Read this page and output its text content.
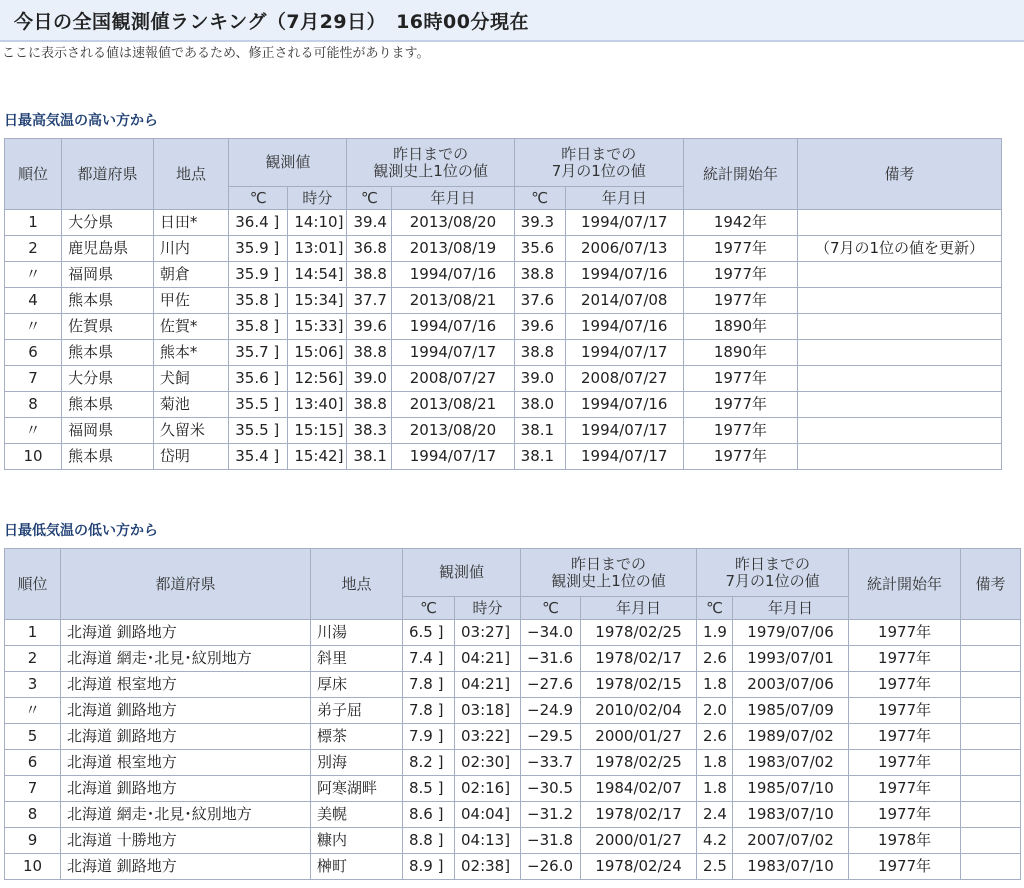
今日の全国観測値ランキング（7月29日）　16時00分現在
ここに表示される値は速報値であるため、修正される可能性があります。
日最高気温の高い方から
順位	都道府県	地点	観測値		昨日までの
観測史上1位の値		昨日までの
7月の1位の値		統計開始年	備考
			℃	時分	℃	年月日	℃	年月日		
1	大分県	日田*	36.4 ]	14:10]	39.4	2013/08/20	39.3	1994/07/17	1942年	
2	鹿児島県	川内	35.9 ]	13:01]	36.8	2013/08/19	35.6	2006/07/13	1977年	（7月の1位の値を更新）
〃	福岡県	朝倉	35.9 ]	14:54]	38.8	1994/07/16	38.8	1994/07/16	1977年	
4	熊本県	甲佐	35.8 ]	15:34]	37.7	2013/08/21	37.6	2014/07/08	1977年	
〃	佐賀県	佐賀*	35.8 ]	15:33]	39.6	1994/07/16	39.6	1994/07/16	1890年	
6	熊本県	熊本*	35.7 ]	15:06]	38.8	1994/07/17	38.8	1994/07/17	1890年	
7	大分県	犬飼	35.6 ]	12:56]	39.0	2008/07/27	39.0	2008/07/27	1977年	
8	熊本県	菊池	35.5 ]	13:40]	38.8	2013/08/21	38.0	1994/07/16	1977年	
〃	福岡県	久留米	35.5 ]	15:15]	38.3	2013/08/20	38.1	1994/07/17	1977年	
10	熊本県	岱明	35.4 ]	15:42]	38.1	1994/07/17	38.1	1994/07/17	1977年	
日最低気温の低い方から
順位	都道府県	地点	観測値		昨日までの
観測史上1位の値		昨日までの
7月の1位の値		統計開始年	備考
			℃	時分	℃	年月日	℃	年月日		
1	北海道 釧路地方	川湯	6.5 ]	03:27]	−34.0	1978/02/25	1.9	1979/07/06	1977年	
2	北海道 網走･北見･紋別地方	斜里	7.4 ]	04:21]	−31.6	1978/02/17	2.6	1993/07/01	1977年	
3	北海道 根室地方	厚床	7.8 ]	04:21]	−27.6	1978/02/15	1.8	2003/07/06	1977年	
〃	北海道 釧路地方	弟子屈	7.8 ]	03:18]	−24.9	2010/02/04	2.0	1985/07/09	1977年	
5	北海道 釧路地方	標茶	7.9 ]	03:22]	−29.5	2000/01/27	2.6	1989/07/02	1977年	
6	北海道 根室地方	別海	8.2 ]	02:30]	−33.7	1978/02/25	1.8	1983/07/02	1977年	
7	北海道 釧路地方	阿寒湖畔	8.5 ]	02:16]	−30.5	1984/02/07	1.8	1985/07/10	1977年	
8	北海道 網走･北見･紋別地方	美幌	8.6 ]	04:04]	−31.2	1978/02/17	2.4	1983/07/10	1977年	
9	北海道 十勝地方	糠内	8.8 ]	04:13]	−31.8	2000/01/27	4.2	2007/07/02	1978年	
10	北海道 釧路地方	榊町	8.9 ]	02:38]	−26.0	1978/02/24	2.5	1983/07/10	1977年	
